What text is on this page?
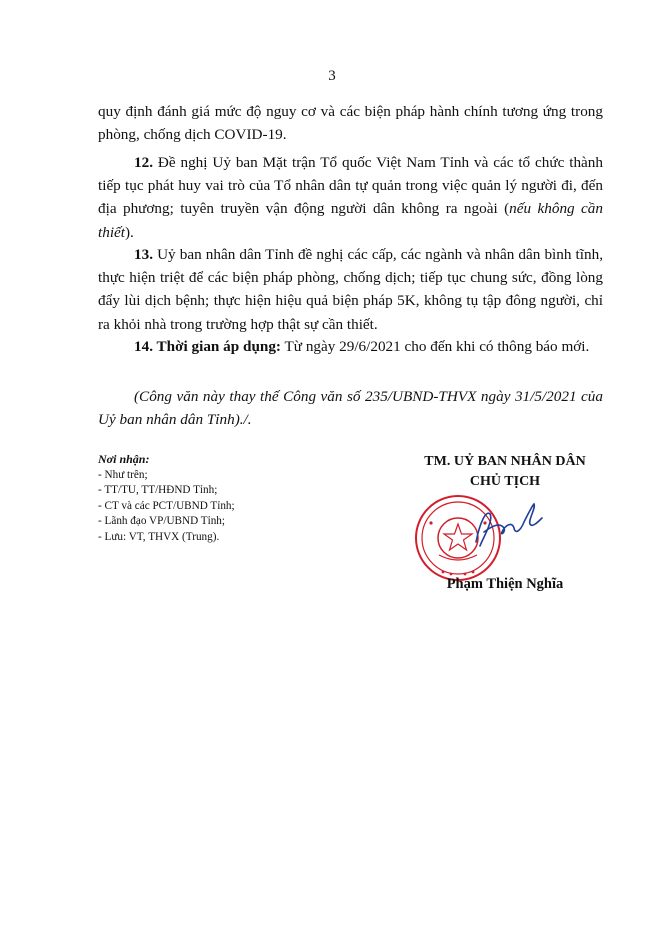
3

quy định đánh giá mức độ nguy cơ và các biện pháp hành chính tương ứng trong phòng, chống dịch COVID-19.

12. Đề nghị Uỷ ban Mặt trận Tổ quốc Việt Nam Tỉnh và các tổ chức thành tiếp tục phát huy vai trò của Tổ nhân dân tự quản trong việc quản lý người đi, đến địa phương; tuyên truyền vận động người dân không ra ngoài (nếu không cần thiết).

13. Uỷ ban nhân dân Tỉnh đề nghị các cấp, các ngành và nhân dân bình tĩnh, thực hiện triệt để các biện pháp phòng, chống dịch; tiếp tục chung sức, đồng lòng đẩy lùi dịch bệnh; thực hiện hiệu quả biện pháp 5K, không tụ tập đông người, chỉ ra khỏi nhà trong trường hợp thật sự cần thiết.

14. Thời gian áp dụng: Từ ngày 29/6/2021 cho đến khi có thông báo mới.

(Công văn này thay thế Công văn số 235/UBND-THVX ngày 31/5/2021 của Uỷ ban nhân dân Tỉnh)./.

Nơi nhận:
- Như trên;
- TT/TU, TT/HĐND Tỉnh;
- CT và các PCT/UBND Tỉnh;
- Lãnh đạo VP/UBND Tỉnh;
- Lưu: VT, THVX (Trung).
TM. UỶ BAN NHÂN DÂN
CHỦ TỊCH
Phạm Thiện Nghĩa
